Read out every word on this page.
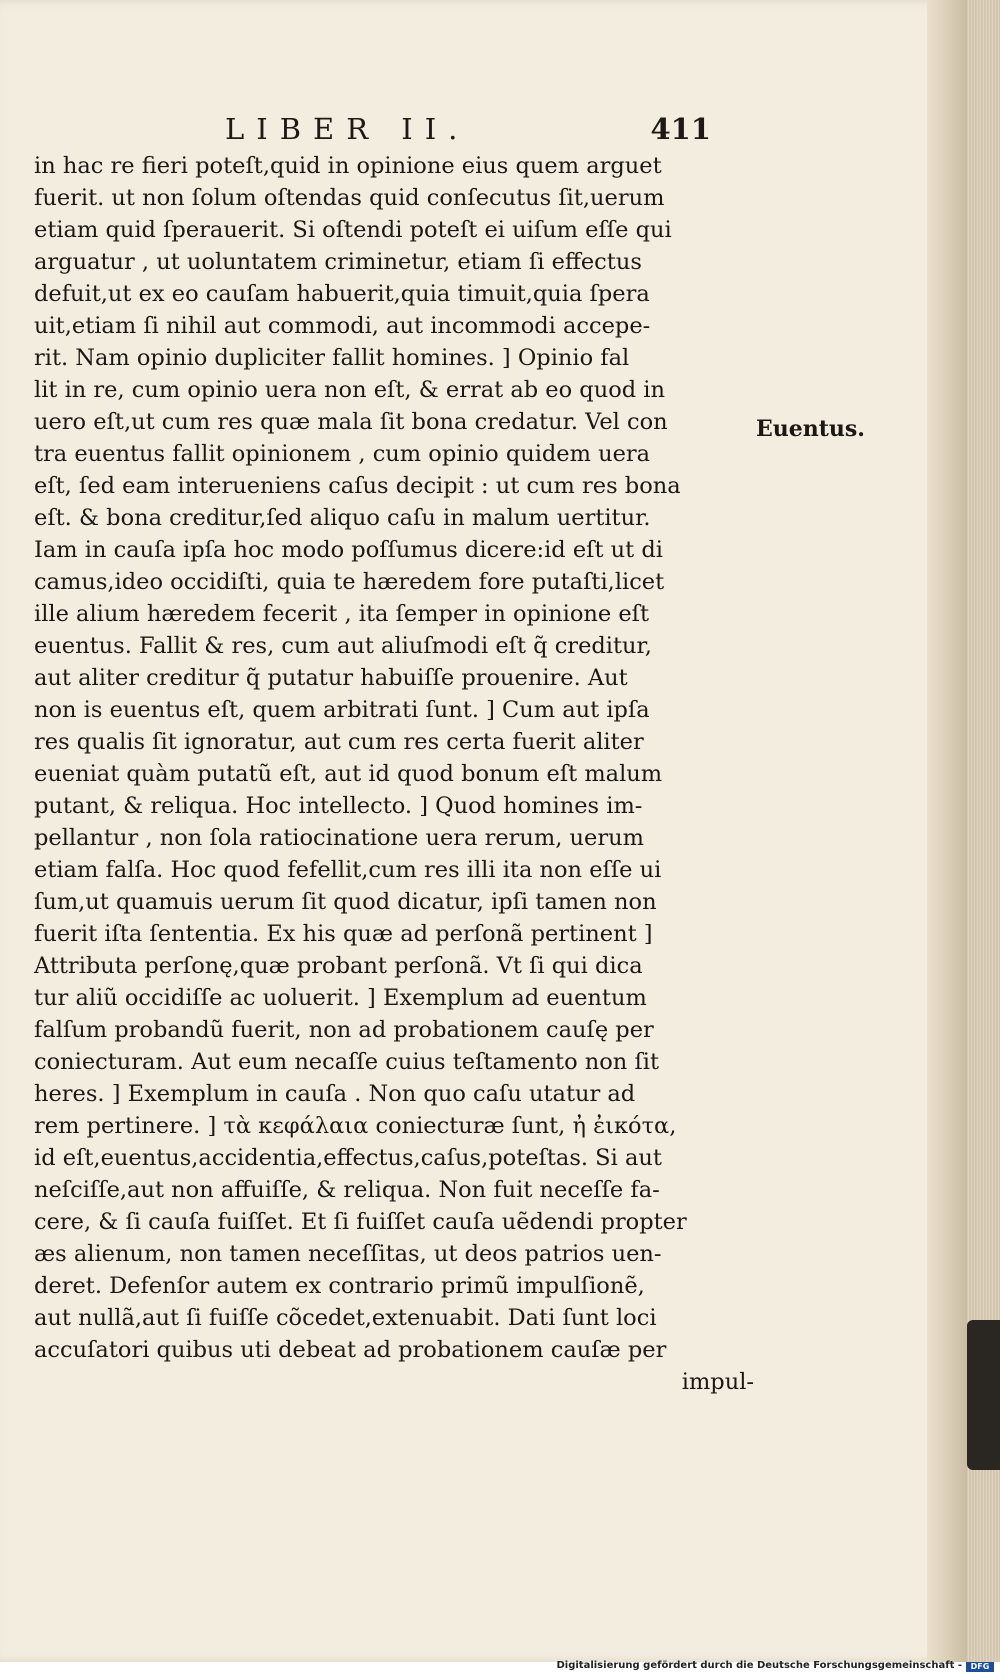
LIBER II.	411
in hac re fieri poteſt,quid in opinione eius quem arguet
fuerit. ut non ſolum oſtendas quid conſecutus ſit,uerum
etiam quid ſperauerit. Si oſtendi poteſt ei uiſum eſſe qui
arguatur , ut uoluntatem criminetur, etiam ſi effectus
defuit,ut ex eo cauſam habuerit,quia timuit,quia ſpera
uit,etiam ſi nihil aut commodi, aut incommodi accepe-
rit. Nam opinio dupliciter fallit homines. ] Opinio fal
lit in re, cum opinio uera non eſt, & errat ab eo quod in
uero eſt,ut cum res quæ mala ſit bona credatur. Vel con
tra euentus fallit opinionem , cum opinio quidem uera
eſt, ſed eam interueniens caſus decipit : ut cum res bona
eſt. & bona creditur,ſed aliquo caſu in malum uertitur.
Iam in cauſa ipſa hoc modo poſſumus dicere:id eſt ut di
camus,ideo occidiſti, quia te hæredem fore putaſti,licet
ille alium hæredem fecerit , ita ſemper in opinione eſt
euentus. Fallit & res, cum aut aliuſmodi eſt q̃ creditur,
aut aliter creditur q̃ putatur habuiſſe prouenire. Aut
non is euentus eſt, quem arbitrati ſunt. ] Cum aut ipſa
res qualis ſit ignoratur, aut cum res certa fuerit aliter
eueniat quàm putatũ eſt, aut id quod bonum eſt malum
putant, & reliqua. Hoc intellecto. ] Quod homines im-
pellantur , non ſola ratiocinatione uera rerum, uerum
etiam falſa. Hoc quod fefellit,cum res illi ita non eſſe ui
ſum,ut quamuis uerum ſit quod dicatur, ipſi tamen non
fuerit iſta ſententia. Ex his quæ ad perſonã pertinent ]
Attributa perſonę,quæ probant perſonã. Vt ſi qui dica
tur aliũ occidiſſe ac uoluerit. ] Exemplum ad euentum
falſum probandũ fuerit, non ad probationem cauſę per
coniecturam. Aut eum necaſſe cuius teſtamento non ſit
heres. ] Exemplum in cauſa . Non quo caſu utatur ad
rem pertinere. ] τὰ κεφάλαια coniecturæ ſunt, ἠ ἐικότα,
id eſt,euentus,accidentia,effectus,caſus,poteſtas. Si aut
neſciſſe,aut non affuiſſe, & reliqua. Non fuit neceſſe fa-
cere, & ſi cauſa fuiſſet. Et ſi fuiſſet cauſa uẽdendi propter
æs alienum, non tamen neceſſitas, ut deos patrios uen-
deret. Defenſor autem ex contrario primũ impulſionẽ,
aut nullã,aut ſi fuiſſe cõcedet,extenuabit. Dati ſunt loci
accuſatori quibus uti debeat ad probationem cauſæ per
impul-
Euentus.
Digitalisierung gefördert durch die Deutsche Forschungsgemeinschaft -	DFG
